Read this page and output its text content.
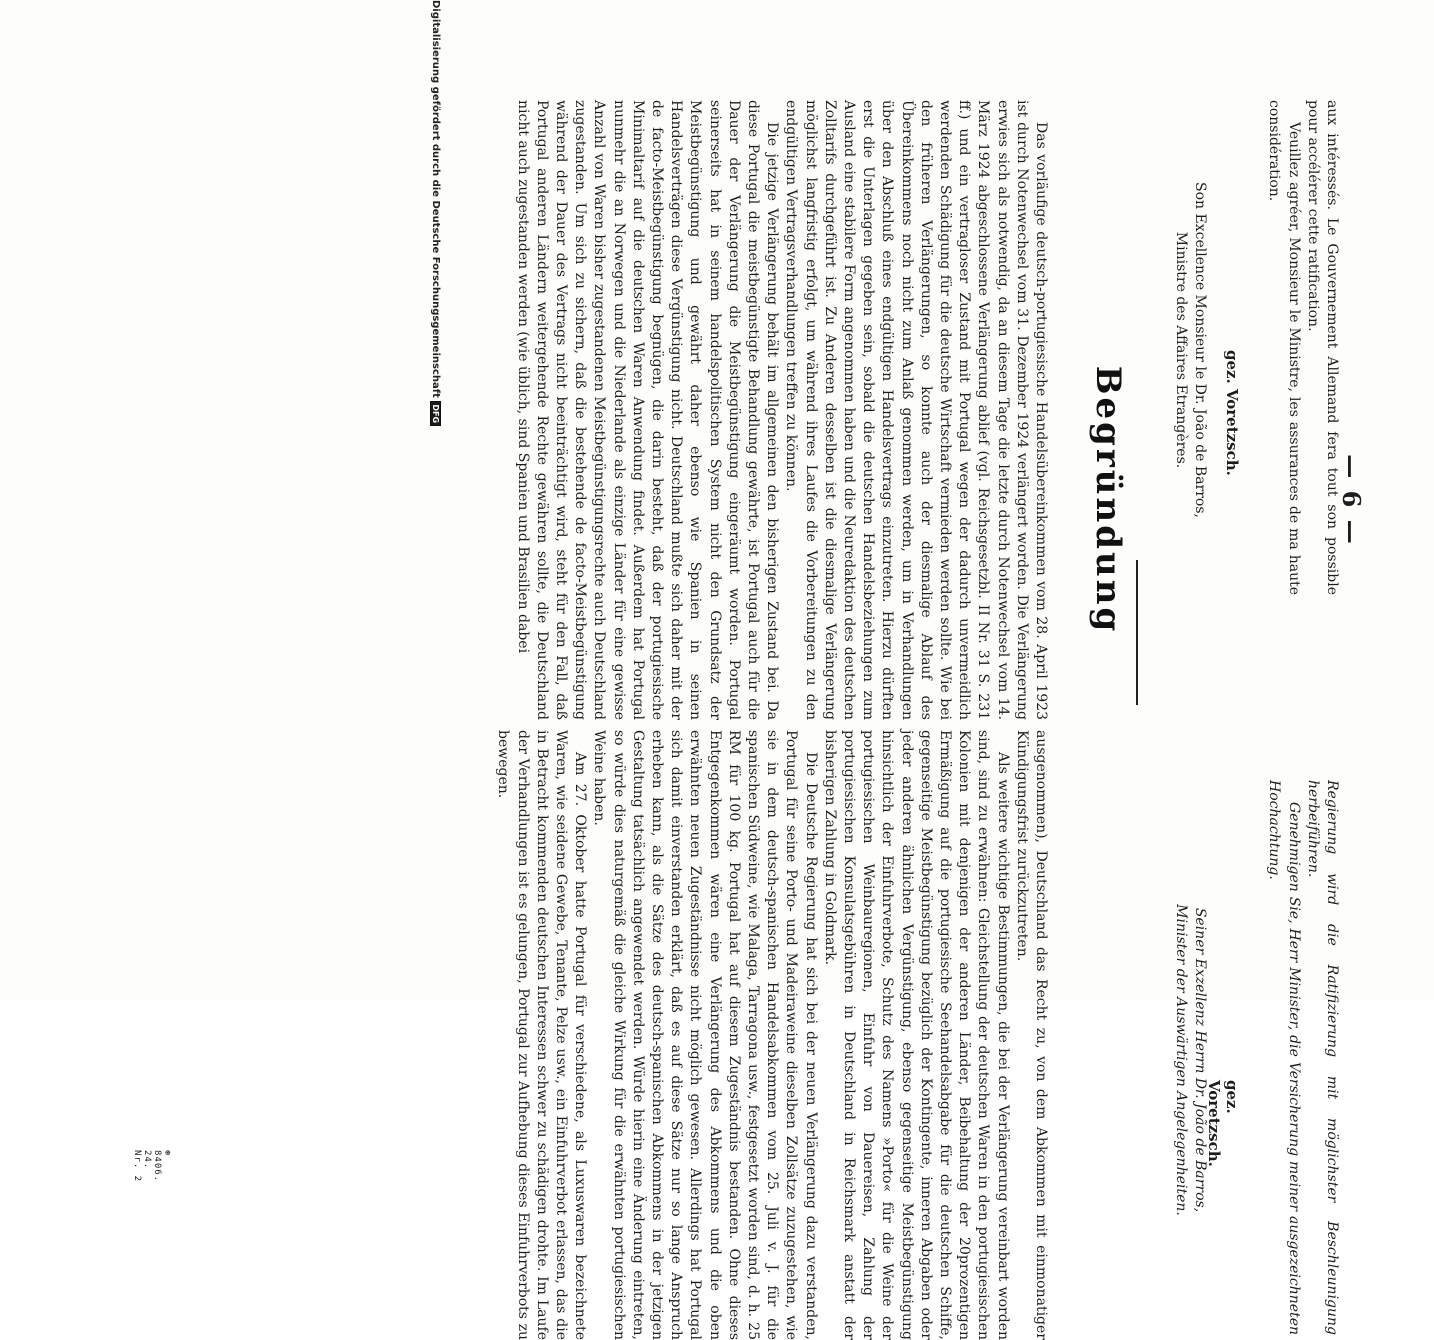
— 6 —

aux intéressés. Le Gouvernement Allemand fera tout son possible pour accélérer cette ratification.

Veuillez agréer, Monsieur le Ministre, les assurances de ma haute considération.

Regierung wird die Ratifizierung mit möglichster Beschleunigung herbeiführen.

Genehmigen Sie, Herr Minister, die Versicherung meiner ausgezeichneten Hochachtung.

gez. Voretzsch.
gez. Voretzsch.
Son Excellence Monsieur le Dr. João de Barros,
Ministre des Affaires Etrangères.
Seiner Exzellenz Herrn Dr. João de Barros,
Minister der Auswärtigen Angelegenheiten.
Begründung

Das vorläufige deutsch-portugiesische Handelsübereinkommen vom 28. April 1923 ist durch Notenwechsel vom 31. Dezember 1924 verlängert worden. Die Verlängerung erwies sich als notwendig, da an diesem Tage die letzte durch Notenwechsel vom 14. März 1924 abgeschlossene Verlängerung ablief (vgl. Reichsgesetzbl. II Nr. 31 S. 231 ff.) und ein vertragloser Zustand mit Portugal wegen der dadurch unvermeidlich werdenden Schädigung für die deutsche Wirtschaft vermieden werden sollte. Wie bei den früheren Verlängerungen, so konnte auch der diesmalige Ablauf des Übereinkommens noch nicht zum Anlaß genommen werden, um in Verhandlungen über den Abschluß eines endgültigen Handelsvertrags einzutreten. Hierzu dürften erst die Unterlagen gegeben sein, sobald die deutschen Handelsbeziehungen zum Ausland eine stabilere Form angenommen haben und die Neuredaktion des deutschen Zolltarifs durchgeführt ist. Zu Anderen desselben ist die diesmalige Verlängerung möglichst langfristig erfolgt, um während ihres Laufes die Vorbereitungen zu den endgültigen Vertragsverhandlungen treffen zu können.

Die jetzige Verlängerung behält im allgemeinen den bisherigen Zustand bei. Da diese Portugal die meistbegünstigte Behandlung gewährte, ist Portugal auch für die Dauer der Verlängerung die Meistbegünstigung eingeräumt worden. Portugal seinerseits hat in seinem handelspolitischen System nicht den Grundsatz der Meistbegünstigung und gewährt daher ebenso wie Spanien in seinen Handelsverträgen diese Vergünstigung nicht. Deutschland mußte sich daher mit der de facto-Meistbegünstigung begnügen, die darin besteht, daß der portugiesische Minimaltarif auf die deutschen Waren Anwendung findet. Außerdem hat Portugal nunmehr die an Norwegen und die Niederlande als einzige Länder für eine gewisse Anzahl von Waren bisher zugestandenen Meistbegünstigungsrechte auch Deutschland zugestanden. Um sich zu sichern, daß die bestehende de facto-Meistbegünstigung während der Dauer des Vertrags nicht beeinträchtigt wird, steht für den Fall, daß Portugal anderen Ländern weitergehende Rechte gewähren sollte, die Deutschland nicht auch zugestanden werden (wie üblich, sind Spanien und Brasilien dabei

ausgenommen), Deutschland das Recht zu, von dem Abkommen mit einmonatiger Kündigungsfrist zurückzutreten.

Als weitere wichtige Bestimmungen, die bei der Verlängerung vereinbart worden sind, sind zu erwähnen: Gleichstellung der deutschen Waren in den portugiesischen Kolonien mit denjenigen der anderen Länder, Beibehaltung der 20prozentigen Ermäßigung auf die portugiesische Seehandelsabgabe für die deutschen Schiffe, gegenseitige Meistbegünstigung bezüglich der Kontingente, inneren Abgaben oder jeder anderen ähnlichen Vergünstigung, ebenso gegenseitige Meistbegünstigung hinsichtlich der Einfuhrverbote, Schutz des Namens »Porto« für die Weine der portugiesischen Weinbauregionen, Einfuhr von Dauereisen, Zahlung der portugiesischen Konsulatsgebühren in Deutschland in Reichsmark anstatt der bisherigen Zahlung in Goldmark.

Die Deutsche Regierung hat sich bei der neuen Verlängerung dazu verstanden, Portugal für seine Porto- und Madeiraweine dieselben Zollsätze zuzugestehen, wie sie in dem deutsch-spanischen Handelsabkommen vom 25. Juli v. J. für die spanischen Südweine, wie Malaga, Tarragona usw., festgesetzt worden sind, d. h. 25 RM für 100 kg. Portugal hat auf diesem Zugeständnis bestanden. Ohne dieses Entgegenkommen wären eine Verlängerung des Abkommens und die oben erwähnten neuen Zugeständnisse nicht möglich gewesen. Allerdings hat Portugal sich damit einverstanden erklärt, daß es auf diese Sätze nur so lange Anspruch erheben kann, als die Sätze des deutsch-spanischen Abkommens in der jetzigen Gestaltung tatsächlich angewendet werden. Würde hierin eine Änderung eintreten, so würde dies naturgemäß die gleiche Wirkung für die erwähnten portugiesischen Weine haben.

Am 27. Oktober hatte Portugal für verschiedene, als Luxuswaren bezeichnete Waren, wie seidene Gewebe, Tenante, Pelze usw., ein Einfuhrverbot erlassen, das die in Betracht kommenden deutschen Interessen schwer zu schädigen drohte. Im Laufe der Verhandlungen ist es gelungen, Portugal zur Aufhebung dieses Einfuhrverbots zu bewegen.

⊛ 8406. 24. Nr. 2
Digitalisierung gefördert durch die Deutsche Forschungsgemeinschaft DFG
